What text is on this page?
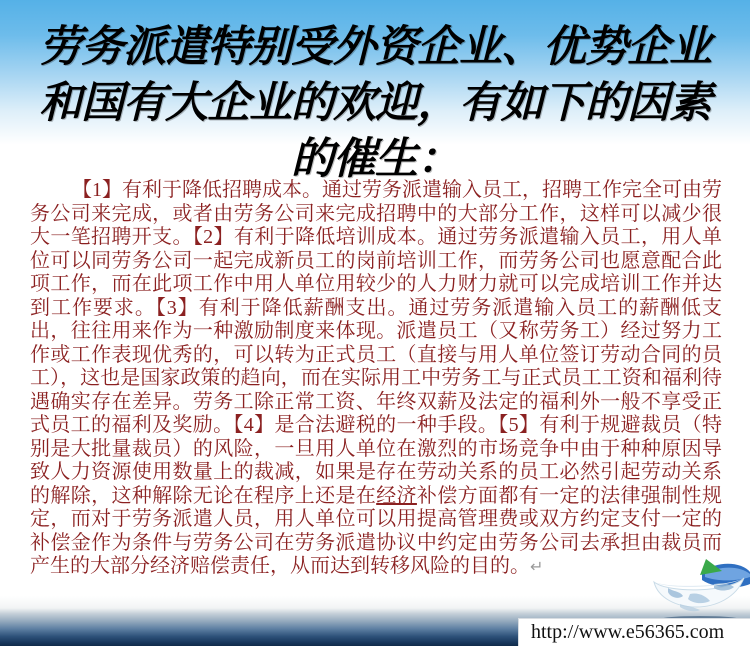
劳务派遣特别受外资企业、优势企业
和国有大企业的欢迎，有如下的因素
的催生：
【1】有利于降低招聘成本。通过劳务派遣输入员工，招聘工作完全可由劳务公司来完成，或者由劳务公司来完成招聘中的大部分工作，这样可以减少很大一笔招聘开支。【2】有利于降低培训成本。通过劳务派遣输入员工，用人单位可以同劳务公司一起完成新员工的岗前培训工作，而劳务公司也愿意配合此项工作，而在此项工作中用人单位用较少的人力财力就可以完成培训工作并达到工作要求。【3】有利于降低薪酬支出。通过劳务派遣输入员工的薪酬低支出，往往用来作为一种激励制度来体现。派遣员工（又称劳务工）经过努力工作或工作表现优秀的，可以转为正式员工（直接与用人单位签订劳动合同的员工），这也是国家政策的趋向，而在实际用工中劳务工与正式员工工资和福利待遇确实存在差异。劳务工除正常工资、年终双薪及法定的福利外一般不享受正式员工的福利及奖励。【4】是合法避税的一种手段。【5】有利于规避裁员（特别是大批量裁员）的风险，一旦用人单位在激烈的市场竞争中由于种种原因导致人力资源使用数量上的裁减，如果是存在劳动关系的员工必然引起劳动关系的解除，这种解除无论在程序上还是在经济补偿方面都有一定的法律强制性规定，而对于劳务派遣人员，用人单位可以用提高管理费或双方约定支付一定的补偿金作为条件与劳务公司在劳务派遣协议中约定由劳务公司去承担由裁员而产生的大部分经济赔偿责任，从而达到转移风险的目的。↵
http://www.e56365.com
